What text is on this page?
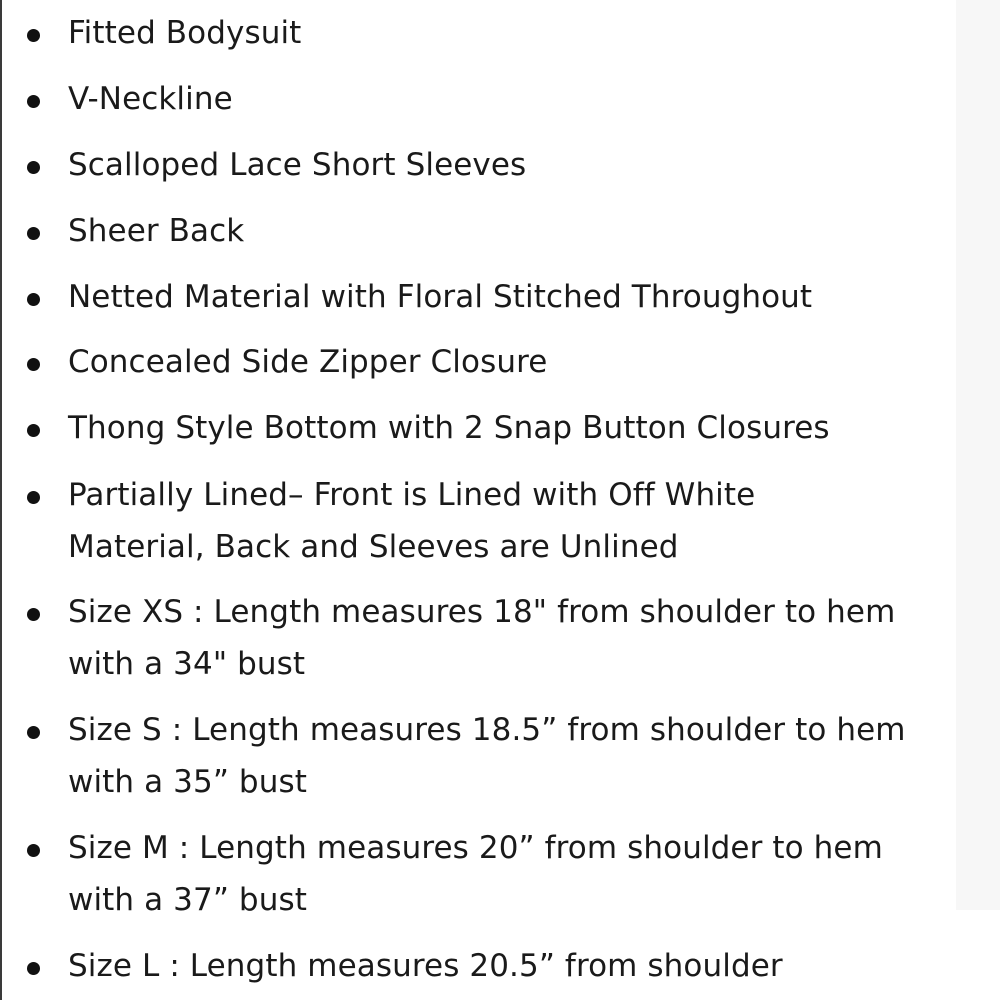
Fitted Bodysuit
V-Neckline
Scalloped Lace Short Sleeves
Sheer Back
Netted Material with Floral Stitched Throughout
Concealed Side Zipper Closure
Thong Style Bottom with 2 Snap Button Closures
Partially Lined– Front is Lined with Off White
Material, Back and Sleeves are Unlined
Size XS : Length measures 18" from shoulder to hem
with a 34" bust
Size S : Length measures 18.5” from shoulder to hem
with a 35” bust
Size M : Length measures 20” from shoulder to hem
with a 37” bust
Size L : Length measures 20.5” from shoulder
